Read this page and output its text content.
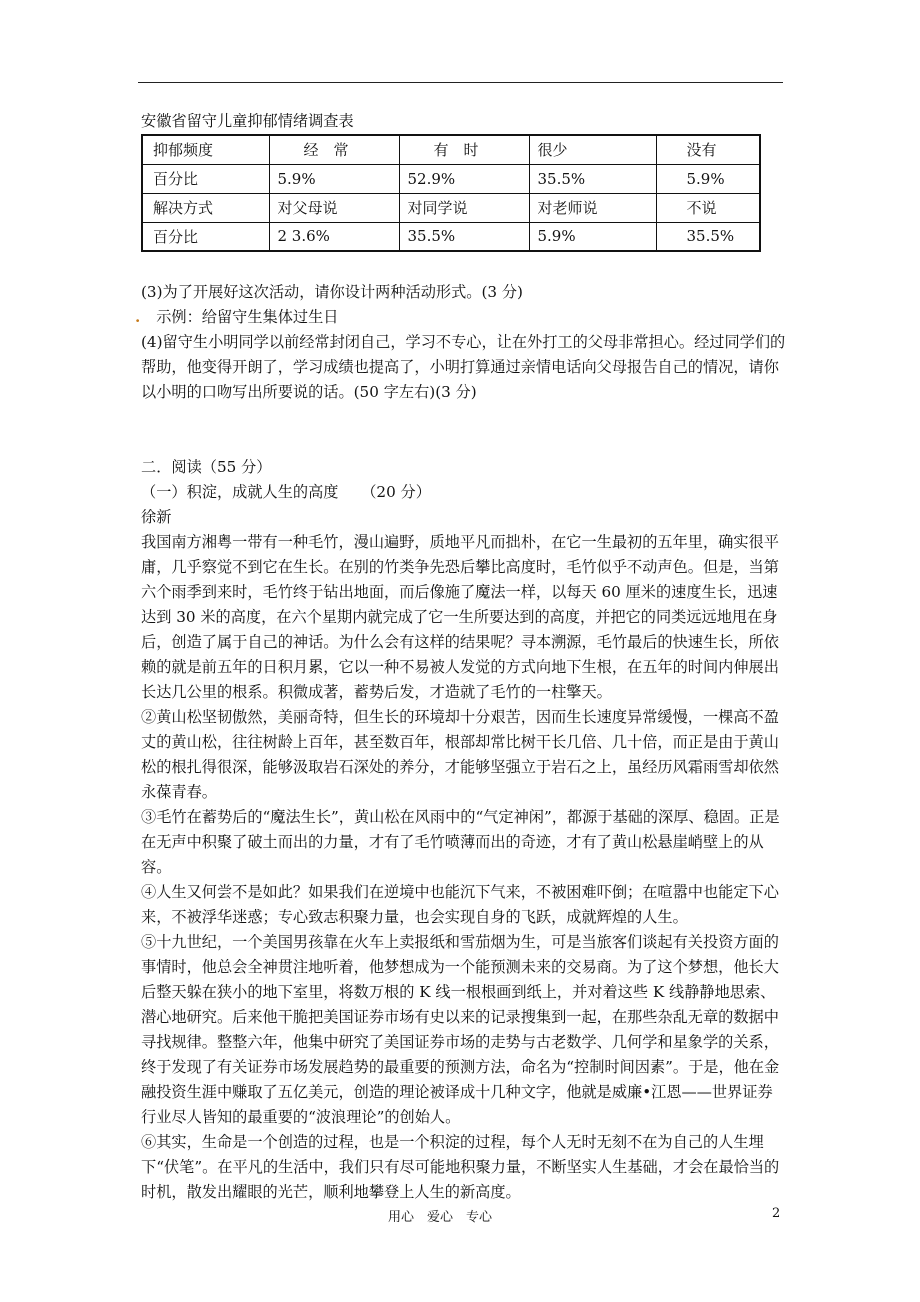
安徽省留守儿童抑郁情绪调查表

抑郁频度	经　常	有　时	很少	没有
百分比	5.9%	52.9%	35.5%	5.9%
解决方式	对父母说	对同学说	对老师说	不说
百分比	2 3.6%	35.5%	5.9%	35.5%

(3)为了开展好这次活动，请你设计两种活动形式。(3 分)

.
　 示例：给留守生集体过生日

(4)留守生小明同学以前经常封闭自己，学习不专心，让在外打工的父母非常担心。经过同学们的帮助，他变得开朗了，学习成绩也提高了，小明打算通过亲情电话向父母报告自己的情况，请你以小明的口吻写出所要说的话。(50 字左右)(3 分)

二．阅读（55 分）

（一）积淀，成就人生的高度　　（20 分）

徐新

我国南方湘粤一带有一种毛竹，漫山遍野，质地平凡而拙朴，在它一生最初的五年里，确实很平庸，几乎察觉不到它在生长。在别的竹类争先恐后攀比高度时，毛竹似乎不动声色。但是，当第六个雨季到来时，毛竹终于钻出地面，而后像施了魔法一样，以每天 60 厘米的速度生长，迅速达到 30 米的高度，在六个星期内就完成了它一生所要达到的高度，并把它的同类远远地甩在身后，创造了属于自己的神话。为什么会有这样的结果呢？寻本溯源，毛竹最后的快速生长，所依赖的就是前五年的日积月累，它以一种不易被人发觉的方式向地下生根，在五年的时间内伸展出长达几公里的根系。积微成著，蓄势后发，才造就了毛竹的一柱擎天。

②黄山松坚韧傲然，美丽奇特，但生长的环境却十分艰苦，因而生长速度异常缓慢，一棵高不盈丈的黄山松，往往树龄上百年，甚至数百年，根部却常比树干长几倍、几十倍，而正是由于黄山松的根扎得很深，能够汲取岩石深处的养分，才能够坚强立于岩石之上，虽经历风霜雨雪却依然永葆青春。

③毛竹在蓄势后的“魔法生长”，黄山松在风雨中的“气定神闲”，都源于基础的深厚、稳固。正是在无声中积聚了破土而出的力量，才有了毛竹喷薄而出的奇迹，才有了黄山松悬崖峭壁上的从容。

④人生又何尝不是如此？如果我们在逆境中也能沉下气来，不被困难吓倒；在喧嚣中也能定下心来，不被浮华迷惑；专心致志积聚力量，也会实现自身的飞跃，成就辉煌的人生。

⑤十九世纪，一个美国男孩靠在火车上卖报纸和雪茄烟为生，可是当旅客们谈起有关投资方面的事情时，他总会全神贯注地听着，他梦想成为一个能预测未来的交易商。为了这个梦想，他长大后整天躲在狭小的地下室里，将数万根的 K 线一根根画到纸上，并对着这些 K 线静静地思索、潜心地研究。后来他干脆把美国证券市场有史以来的记录搜集到一起，在那些杂乱无章的数据中寻找规律。整整六年，他集中研究了美国证券市场的走势与古老数学、几何学和星象学的关系，终于发现了有关证券市场发展趋势的最重要的预测方法，命名为“控制时间因素”。于是，他在金融投资生涯中赚取了五亿美元，创造的理论被译成十几种文字，他就是威廉•江恩——世界证券行业尽人皆知的最重要的“波浪理论”的创始人。

⑥其实，生命是一个创造的过程，也是一个积淀的过程，每个人无时无刻不在为自己的人生埋下“伏笔”。在平凡的生活中，我们只有尽可能地积聚力量，不断坚实人生基础，才会在最恰当的时机，散发出耀眼的光芒，顺利地攀登上人生的新高度。

用心　爱心　专心	2
